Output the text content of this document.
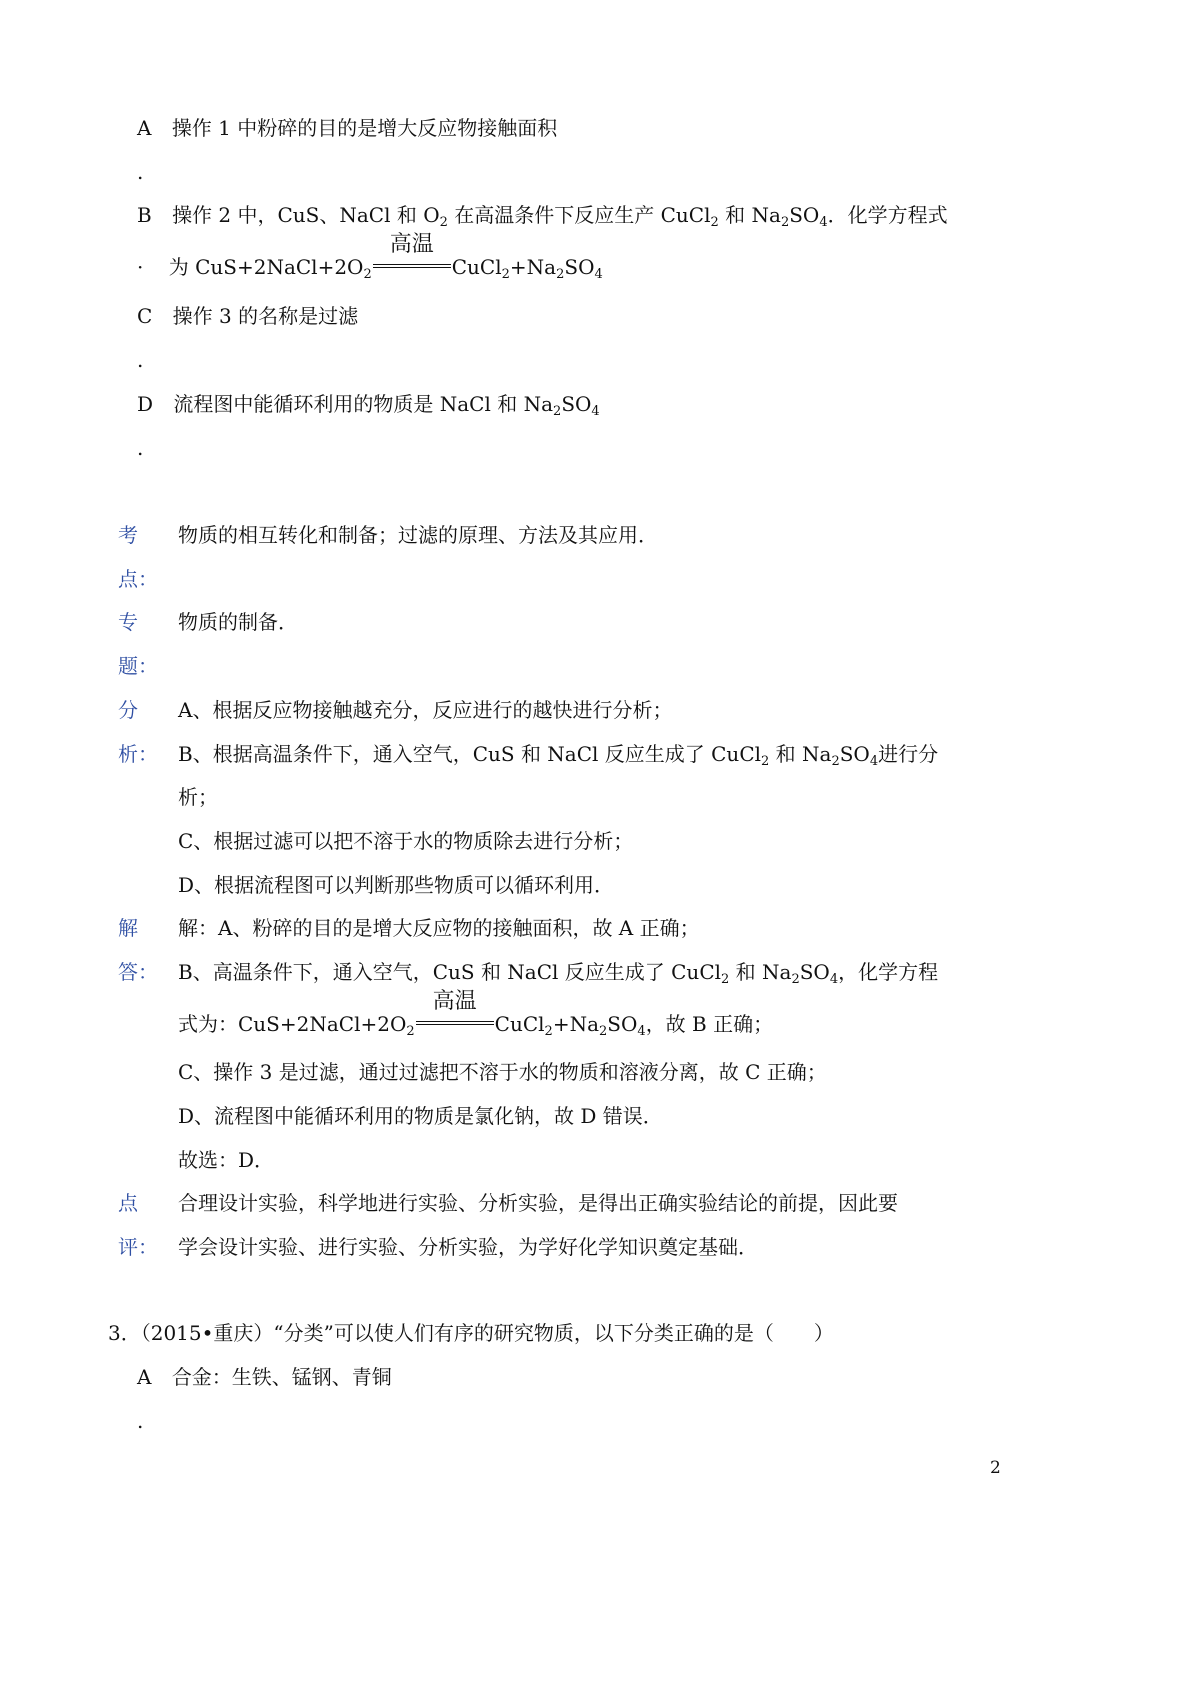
A 操作 1 中粉碎的目的是增大反应物接触面积
.
B 操作 2 中，CuS、NaCl 和 $O_2$ 在高温条件下反应生产 CuCl$_2$ 和 $Na_2SO_4$．化学方程式
· 为 $CuS+2NaCl+2O_2$
高温
$CuCl_2+Na_2SO_4$
C 操作 3 的名称是过滤
.
D 流程图中能循环利用的物质是 NaCl 和 $Na_2SO_4$
.
考 物质的相互转化和制备；过滤的原理、方法及其应用．
点：
专 物质的制备．
题：
分 A、根据反应物接触越充分，反应进行的越快进行分析；
析： B、根据高温条件下，通入空气，CuS 和 NaCl 反应生成了 CuCl$_2$ 和 $Na_2SO_4$进行分
析；
C、根据过滤可以把不溶于水的物质除去进行分析；
D、根据流程图可以判断那些物质可以循环利用．
解 解：A、粉碎的目的是增大反应物的接触面积，故 A 正确；
答： B、高温条件下，通入空气，CuS 和 NaCl 反应生成了 CuCl$_2$ 和 $Na_2SO_4$，化学方程
式为：$CuS+2NaCl+2O_2$
高温
$CuCl_2+Na_2SO_4$，故 B 正确；
C、操作 3 是过滤，通过过滤把不溶于水的物质和溶液分离，故 C 正确；
D、流程图中能循环利用的物质是氯化钠，故 D 错误．
故选：D．
点 合理设计实验，科学地进行实验、分析实验，是得出正确实验结论的前提，因此要
评： 学会设计实验、进行实验、分析实验，为学好化学知识奠定基础．
3．（2015•重庆）“分类”可以使人们有序的研究物质，以下分类正确的是（　　）
A 合金：生铁、锰钢、青铜
.
2
